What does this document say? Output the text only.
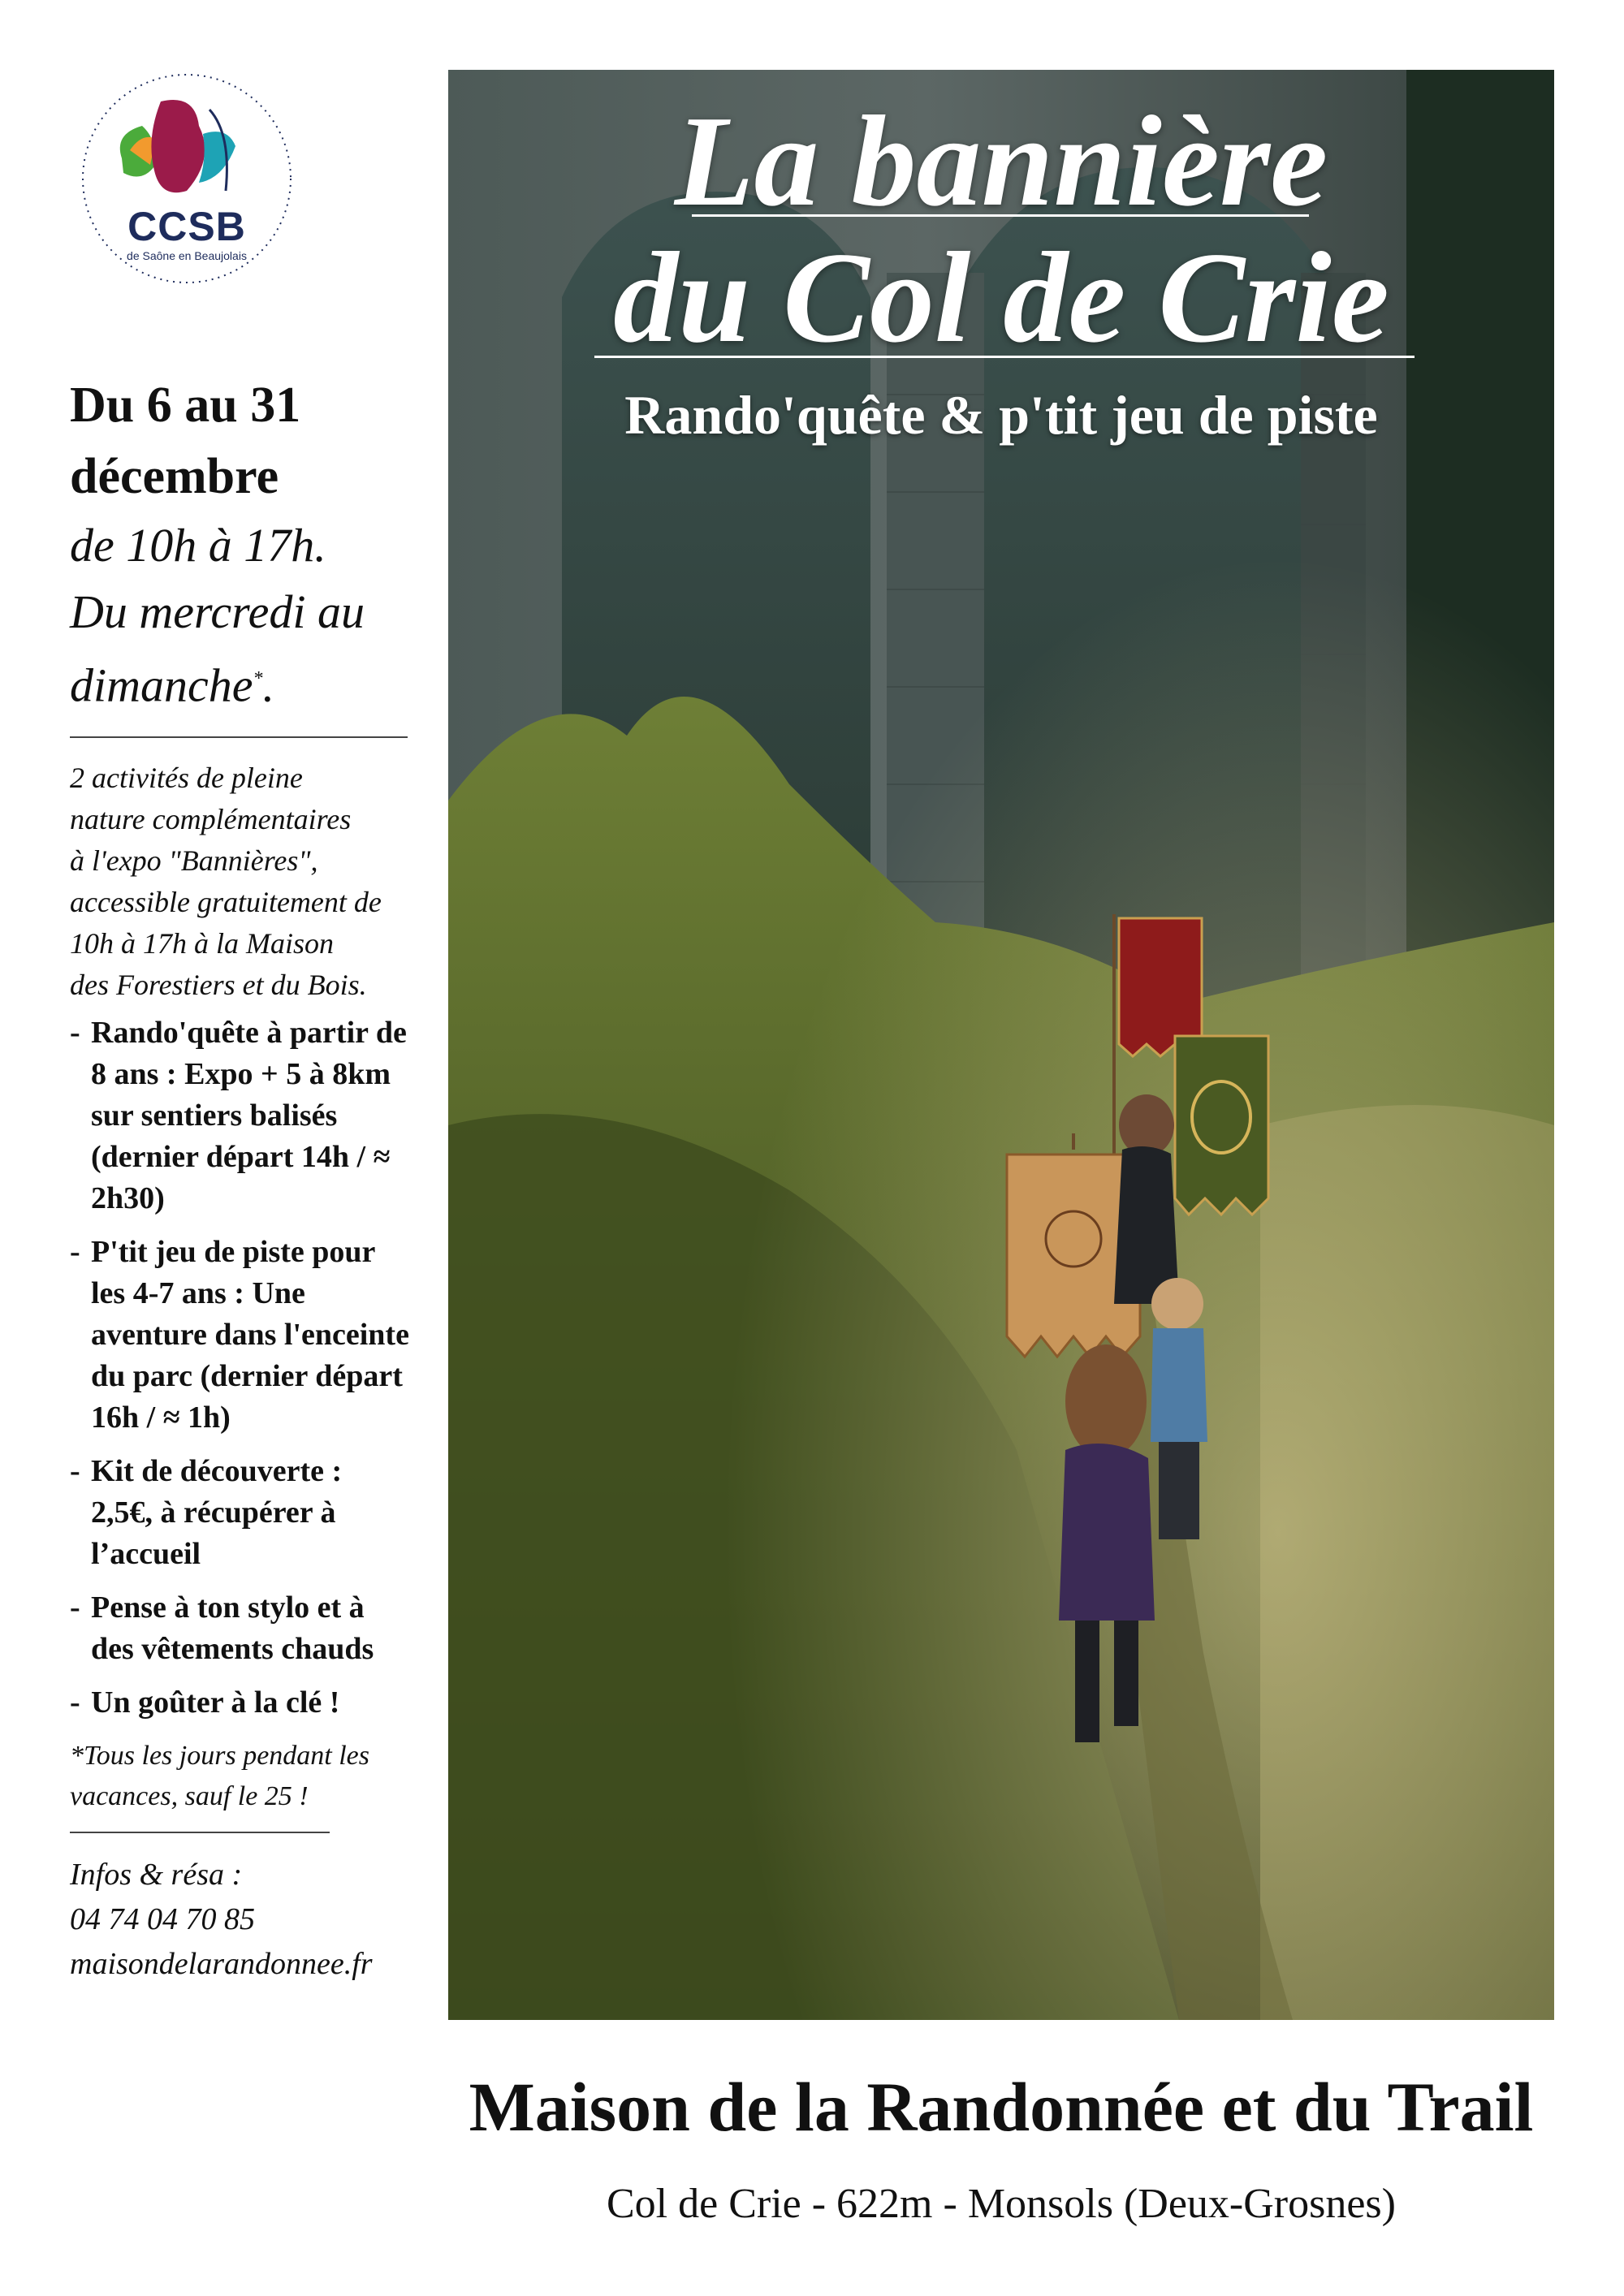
CCSB
de Saône en Beaujolais

Du 6 au 31

décembre

de 10h à 17h.

Du mercredi au

dimanche*.

2 activités de pleine
nature complémentaires
à l'expo "Bannières",
accessible gratuitement de
10h à 17h à la Maison
des Forestiers et du Bois.

- Rando'quête à partir de 8 ans : Expo + 5 à 8km sur sentiers balisés (dernier départ 14h / ≈ 2h30)
- P'tit jeu de piste pour les 4-7 ans : Une aventure dans l'enceinte du parc (dernier départ 16h / ≈ 1h)
- Kit de découverte : 2,5€, à récupérer à l’accueil
- Pense à ton stylo et à des vêtements chauds
- Un goûter à la clé !

*Tous les jours pendant les vacances, sauf le 25 !

Infos & résa :

04 74 04 70 85

maisondelarandonnee.fr

La bannière
du Col de Crie
Rando'quête & p'tit jeu de piste

Maison de la Randonnée et du Trail

Col de Crie - 622m - Monsols (Deux-Grosnes)
